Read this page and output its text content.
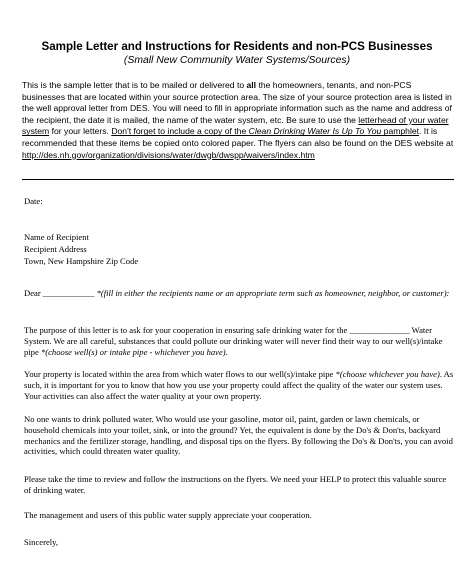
Sample Letter and Instructions for Residents and non-PCS Businesses
(Small New Community Water Systems/Sources)
This is the sample letter that is to be mailed or delivered to all the homeowners, tenants, and non-PCS businesses that are located within your source protection area. The size of your source protection area is listed in the well approval letter from DES. You will need to fill in appropriate information such as the name and address of the recipient, the date it is mailed, the name of the water system, etc. Be sure to use the letterhead of your water system for your letters. Don't forget to include a copy of the Clean Drinking Water Is Up To You pamphlet. It is recommended that these items be copied onto colored paper. The flyers can also be found on the DES website at http://des.nh.gov/organization/divisions/water/dwgb/dwspp/waivers/index.htm
Date:
Name of Recipient
Recipient Address
Town, New Hampshire Zip Code
Dear ____________ *(fill in either the recipients name or an appropriate term such as homeowner, neighbor, or customer):
The purpose of this letter is to ask for your cooperation in ensuring safe drinking water for the ______________ Water System. We are all careful, substances that could pollute our drinking water will never find their way to our well(s)/intake pipe *(choose well(s) or intake pipe - whichever you have).
Your property is located within the area from which water flows to our well(s)/intake pipe *(choose whichever you have). As such, it is important for you to know that how you use your property could affect the quality of the water our system uses. Your activities can also affect the water quality at your own property.
No one wants to drink polluted water. Who would use your gasoline, motor oil, paint, garden or lawn chemicals, or household chemicals into your toilet, sink, or into the ground? Yet, the equivalent is done by the Do's & Don'ts, backyard mechanics and the fertilizer storage, handling, and disposal tips on the flyers. By following the Do's & Don'ts, you can avoid activities, which could threaten water quality.
Please take the time to review and follow the instructions on the flyers. We need your HELP to protect this valuable source of drinking water.
The management and users of this public water supply appreciate your cooperation.
Sincerely,
